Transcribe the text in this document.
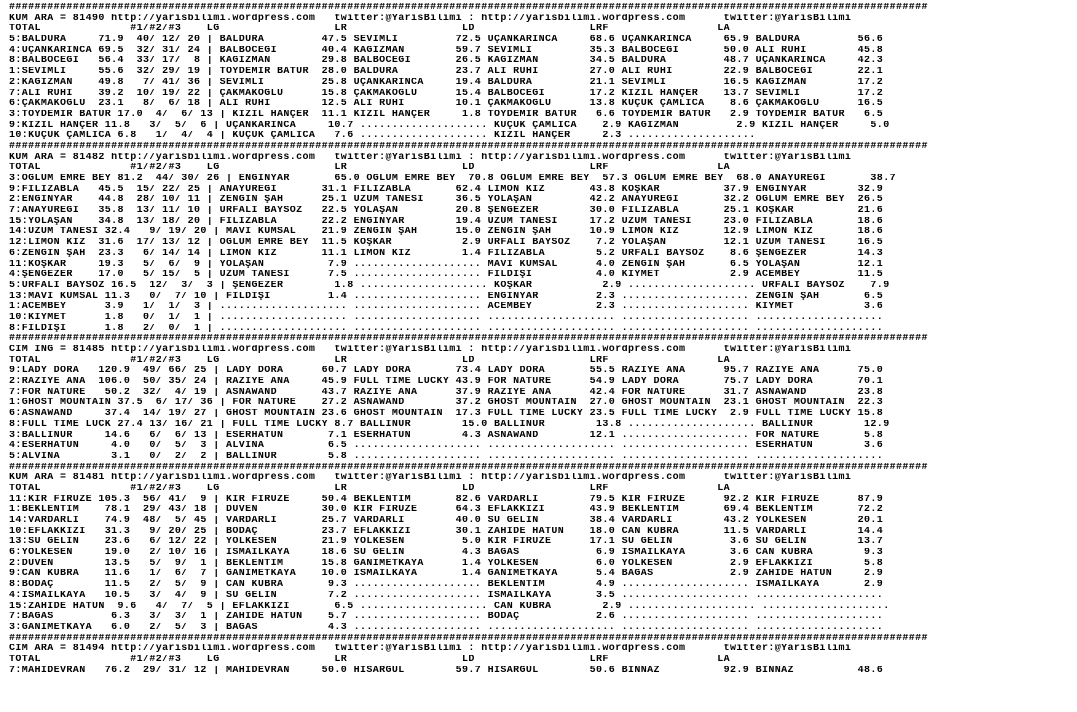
################################################################################################################################################
KUM ARA = 81490 http://yarisbilimi.wordpress.com   twitter:@YarisBilimi : http://yarisbilimi.wordpress.com      twitter:@YarisBilimi
TOTAL              #1/#2/#3    LG                  LR                  LD                  LRF                 LA
5:BALDURA     71.9  40/ 12/ 20 | BALDURA         47.5 SEVİMLİ         72.5 UÇANKARINCA     68.6 UÇANKARINCA     65.9 BALDURA         56.6
4:UÇANKARINCA 69.5  32/ 31/ 24 | BALBÖCEĞİ       40.4 KAĞIZMAN        59.7 SEVİMLİ         35.3 BALBÖCEĞİ       50.0 ALİ RUHİ        45.8
8:BALBÖCEĞİ   56.4  33/ 17/  8 | KAĞIZMAN        29.8 BALBÖCEĞİ       26.5 KAĞIZMAN        34.5 BALDURA         48.7 UÇANKARINCA     42.3
1:SEVİMLİ     55.6  32/ 29/ 19 | TOYDEMİR BATUR  28.0 BALDURA         23.7 ALİ RUHİ        27.0 ALİ RUHİ        22.9 BALBÖCEĞİ       22.1
2:KAĞIZMAN    49.8   7/ 41/ 36 | SEVİMLİ         25.8 UÇANKARINCA     19.4 BALDURA         21.1 SEVİMLİ         16.5 KAĞIZMAN        17.2
7:ALİ RUHİ    39.2  10/ 19/ 22 | ÇAKMAKOĞLU      15.8 ÇAKMAKOĞLU      15.4 BALBÖCEĞİ       17.2 KIZIL HANÇER    13.7 SEVİMLİ         17.2
6:ÇAKMAKOĞLU  23.1   8/  6/ 18 | ALİ RUHİ        12.5 ALİ RUHİ        10.1 ÇAKMAKOĞLU      13.8 KÜÇÜK ÇAMLICA    8.6 ÇAKMAKOĞLU      16.5
3:TOYDEMİR BATUR 17.0  4/  6/ 13 | KIZIL HANÇER  11.1 KIZIL HANÇER     1.8 TOYDEMİR BATUR   6.6 TOYDEMİR BATUR   2.9 TOYDEMİR BATUR   6.5
9:KIZIL HANÇER 11.8   3/  5/  6 | UÇANKARINCA     10.7 .................... KÜÇÜK ÇAMLICA    2.9 KAĞIZMAN         2.9 KIZIL HANÇER     5.0
10:KÜÇÜK ÇAMLICA 6.8   1/  4/  4 | KÜÇÜK ÇAMLICA   7.6 .................... KIZIL HANÇER     2.3 ....................
################################################################################################################################################
KUM ARA = 81482 http://yarisbilimi.wordpress.com   twitter:@YarisBilimi : http://yarisbilimi.wordpress.com      twitter:@YarisBilimi
TOTAL              #1/#2/#3    LG                  LR                  LD                  LRF                 LA
3:OĞLUM EMRE BEY 81.2  44/ 30/ 26 | ENGINYAR       65.0 OĞLUM EMRE BEY  70.8 OĞLUM EMRE BEY  57.3 OĞLUM EMRE BEY  68.0 ANAYÜREĞİ       38.7
9:FİLİZABLA   45.5  15/ 22/ 25 | ANAYÜREĞİ       31.1 FİLİZABLA       62.4 LİMON KIZ       43.8 KÖŞKAR          37.9 ENGINYAR        32.9
2:ENGINYAR    44.8  28/ 10/ 11 | ZENGİN ŞAH      25.1 ÜZÜM TANESİ     36.5 YOLAŞAN         42.2 ANAYÜREĞİ       32.2 OĞLUM EMRE BEY  26.5
7:ANAYÜREĞİ   35.8  13/ 11/ 10 | URFALI BAYSÖZ   22.5 YOLAŞAN         20.8 ŞENGEZER        30.0 FİLİZABLA       25.1 KÖŞKAR          21.6
15:YOLAŞAN    34.8  13/ 18/ 20 | FİLİZABLA       22.2 ENGINYAR        19.4 ÜZÜM TANESİ     17.2 ÜZÜM TANESİ     23.0 FİLİZABLA       18.6
14:ÜZÜM TANESİ 32.4   9/ 19/ 20 | MAVİ KUMSAL    21.9 ZENGİN ŞAH      15.0 ZENGİN ŞAH      10.9 LİMON KIZ       12.9 LİMON KIZ       18.6
12:LİMON KIZ  31.6  17/ 13/ 12 | OĞLUM EMRE BEY  11.5 KÖŞKAR           2.9 URFALI BAYSÖZ    7.2 YOLAŞAN         12.1 ÜZÜM TANESİ     16.5
6:ZENGİN ŞAH  23.3   6/ 14/ 14 | LİMON KIZ       11.1 LİMON KIZ        1.4 FİLİZABLA        5.2 URFALI BAYSÖZ    8.6 ŞENGEZER        14.3
11:KÖŞKAR     19.3   5/  6/  9 | YOLAŞAN          7.9 .................... MAVİ KUMSAL      4.0 ZENGİN ŞAH       6.5 YOLAŞAN         12.1
4:ŞENGEZER    17.0   5/ 15/  5 | ÜZÜM TANESİ      7.5 .................... FİLDİŞİ          4.0 KIYMET           2.9 ACEMBEY         11.5
5:URFALI BAYSÖZ 16.5  12/  3/  3 | ŞENGEZER        1.8 .................... KÖŞKAR           2.9 .................... URFALI BAYSÖZ    7.9
13:MAVİ KUMSAL 11.3   0/  7/ 10 | FİLDİŞİ         1.4 .................... ENGINYAR         2.3 .................... ZENGİN ŞAH       6.5
1:ACEMBEY      3.9   1/  1/  3 | .................... .................... ACEMBEY          2.3 .................... KIYMET           3.6
10:KIYMET      1.8   0/  1/  1 | .................... .................... .................... .................... ....................
8:FİLDİŞİ      1.8   2/  0/  1 | .................... .................... .................... .................... ....................
################################################################################################################################################
CIM ING = 81485 http://yarisbilimi.wordpress.com   twitter:@YarisBilimi : http://yarisbilimi.wordpress.com      twitter:@YarisBilimi
TOTAL              #1/#2/#3    LG                  LR                  LD                  LRF                 LA
9:LADY DORA   120.9  49/ 66/ 25 | LADY DORA      60.7 LADY DORA       73.4 LADY DORA       55.5 RAZİYE ANA      95.7 RAZİYE ANA      75.0
2:RAZİYE ANA  106.0  50/ 35/ 24 | RAZİYE ANA     45.9 FULL TIME LUCKY 43.9 FOR NATURE      54.9 LADY DORA       75.7 LADY DORA       70.1
7:FOR NATURE   50.2  32/  4/ 19 | ASNAWAND       43.7 RAZİYE ANA      37.9 RAZİYE ANA      42.4 FOR NATURE      31.7 ASNAWAND        23.8
1:GHOST MOUNTAIN 37.5  6/ 17/ 36 | FOR NATURE    27.2 ASNAWAND        37.2 GHOST MOUNTAIN  27.0 GHOST MOUNTAIN  23.1 GHOST MOUNTAIN  22.3
6:ASNAWAND     37.4  14/ 19/ 27 | GHOST MOUNTAIN 23.6 GHOST MOUNTAIN  17.3 FULL TIME LUCKY 23.5 FULL TIME LUCKY  2.9 FULL TIME LUCKY 15.8
8:FULL TIME LUCK 27.4 13/ 16/ 21 | FULL TIME LUCKY 8.7 BALLINUR        15.0 BALLINUR        13.8 .................... BALLINUR        12.9
3:BALLINUR     14.6   6/  6/ 13 | ESERHATUN       7.1 ESERHATUN        4.3 ASNAWAND        12.1 .................... FOR NATURE       5.8
4:ESERHATUN     4.0   0/  5/  3 | ALVINA          6.5 .................... .................... .................... ESERHATUN        3.6
5:ALVINA        3.1   0/  2/  2 | BALLINUR        5.8 .................... .................... .................... ....................
################################################################################################################################################
KUM ARA = 81481 http://yarisbilimi.wordpress.com   twitter:@YarisBilimi : http://yarisbilimi.wordpress.com      twitter:@YarisBilimi
TOTAL              #1/#2/#3    LG                  LR                  LD                  LRF                 LA
11:KIR FİRUZE 105.3  56/ 41/  9 | KIR FİRUZE     50.4 BEKLENTİM       82.6 VARDARLI        79.5 KIR FİRUZE      92.2 KIR FİRUZE      87.9
1:BEKLENTİM    78.1  29/ 43/ 18 | DÜVEN          30.0 KIR FİRUZE      64.3 EFLAKKIZI       43.9 BEKLENTİM       69.4 BEKLENTİM       72.2
14:VARDARLI    74.9  48/  5/ 45 | VARDARLI       25.7 VARDARLI        40.0 SU GELİN        38.4 VARDARLI        43.2 YOLKESEN        20.1
10:EFLAKKIZI   31.3   9/ 20/ 25 | BODAÇ          23.7 EFLAKKIZI       30.1 ZAHİDE HATUN    18.0 CAN KÜBRA       11.5 VARDARLI        14.4
13:SU GELİN    23.6   6/ 12/ 22 | YOLKESEN       21.9 YOLKESEN         5.0 KIR FİRUZE      17.1 SU GELİN         3.6 SU GELİN        13.7
6:YOLKESEN     19.0   2/ 10/ 16 | İSMAİLKAYA     18.6 SU GELİN         4.3 BAGAS            6.9 İSMAİLKAYA       3.6 CAN KÜBRA        9.3
2:DÜVEN        13.5   5/  9/  1 | BEKLENTİM      15.8 GANİMETKAYA      1.4 YOLKESEN         6.0 YOLKESEN         2.9 EFLAKKIZI        5.8
9:CAN KÜBRA    11.6   1/  6/  7 | GANİMETKAYA    10.0 İSMAİLKAYA       1.4 GANİMETKAYA      5.4 BAGAS            2.9 ZAHİDE HATUN     2.9
8:BODAÇ        11.5   2/  5/  9 | CAN KÜBRA       9.3 .................... BEKLENTİM        4.9 .................... İSMAİLKAYA       2.9
4:İSMAİLKAYA   10.5   3/  4/  9 | SU GELİN        7.2 .................... İSMAİLKAYA       3.5 .................... ....................
15:ZAHİDE HATUN  9.6   4/  7/  5 | EFLAKKIZI       6.5 .................... CAN KÜBRA        2.9 .................... ....................
7:BAGAS         6.3   3/  3/  1 | ZAHİDE HATUN    5.7 .................... BODAÇ            2.6 .................... ....................
3:GANİMETKAYA   6.0   2/  5/  3 | BAGAS           4.3 .................... .................... .................... ....................
################################################################################################################################################
CIM ARA = 81494 http://yarisbilimi.wordpress.com   twitter:@YarisBilimi : http://yarisbilimi.wordpress.com      twitter:@YarisBilimi
TOTAL              #1/#2/#3    LG                  LR                  LD                  LRF                 LA
7:MAHİDEVRAN   76.2  29/ 31/ 12 | MAHİDEVRAN     50.0 HİSARGÜL        59.7 HİSARGÜL        50.6 BİNNAZ          92.9 BİNNAZ          48.6
